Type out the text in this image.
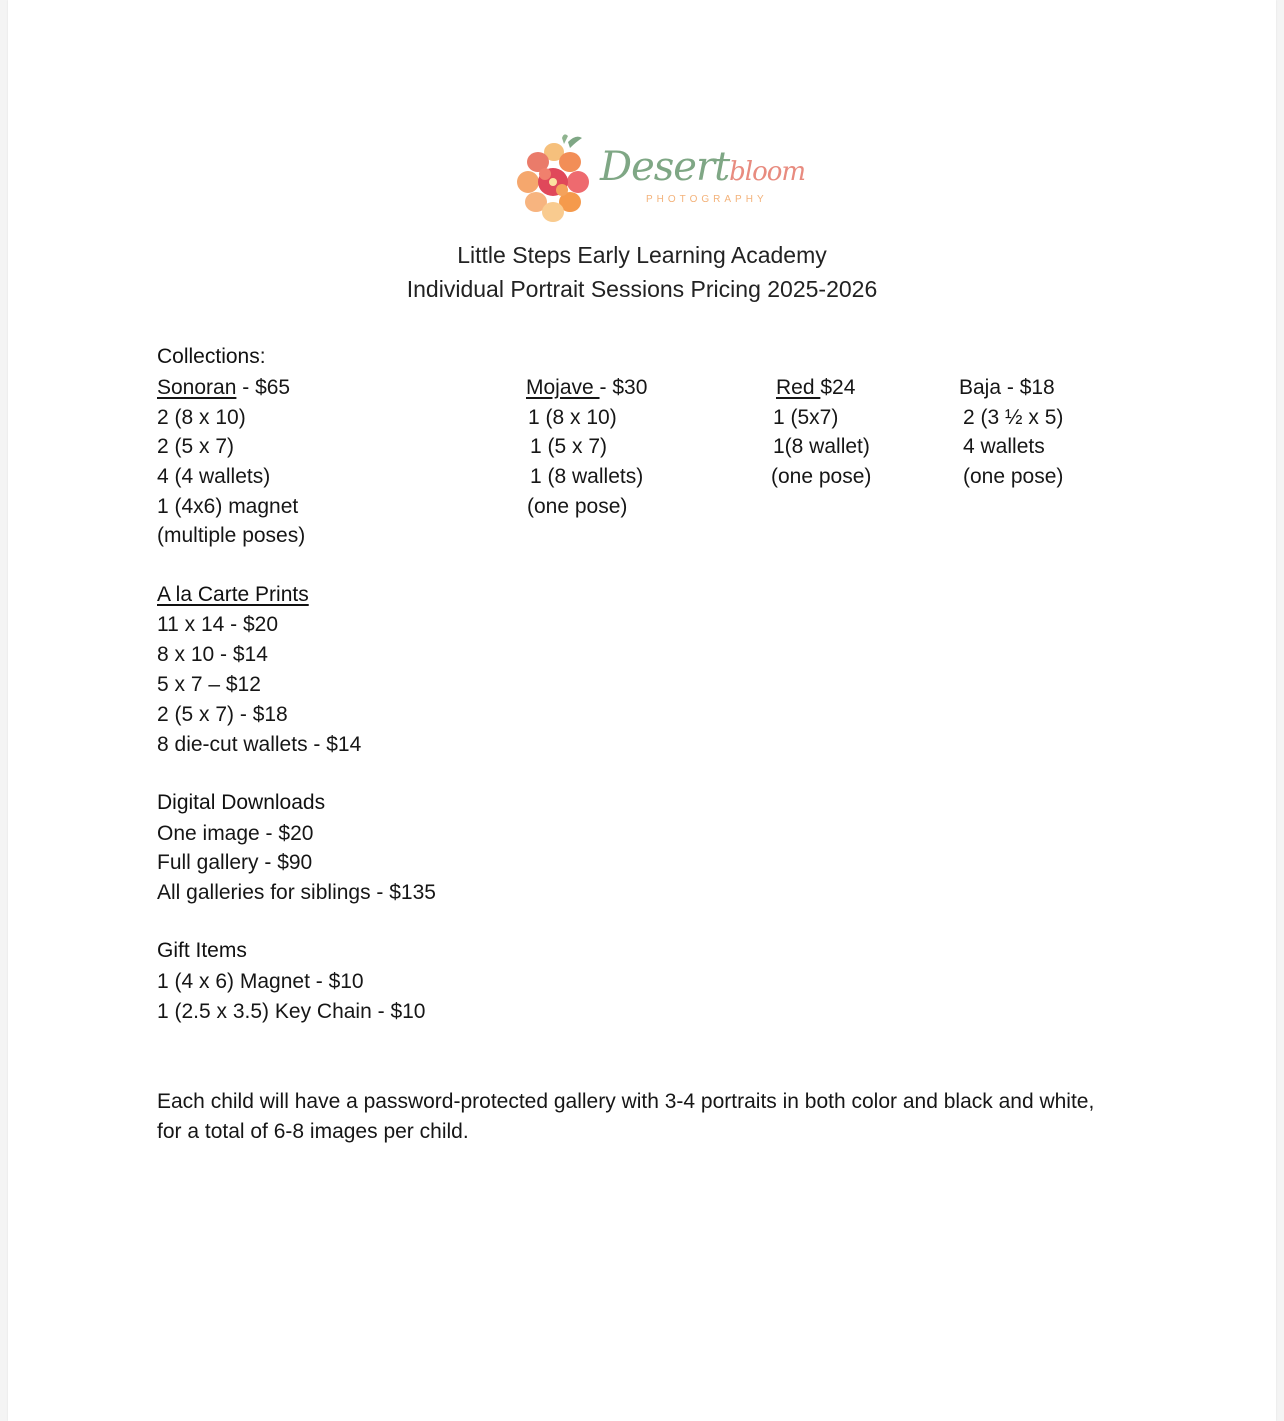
Desertbloom
PHOTOGRAPHY
Little Steps Early Learning Academy
Individual Portrait Sessions Pricing 2025-2026
Collections:
Sonoran - $65
2 (8 x 10)
2 (5 x 7)
4 (4 wallets)
1 (4x6) magnet
(multiple poses)
Mojave - $30
1 (8 x 10)
1 (5 x 7)
1 (8 wallets)
(one pose)
Red $24
1 (5x7)
1(8 wallet)
(one pose)
Baja - $18
2 (3 ½ x 5)
4 wallets
(one pose)
A la Carte Prints
11 x 14 - $20
8 x 10 - $14
5 x 7 – $12
2 (5 x 7) - $18
8 die-cut wallets - $14
Digital Downloads
One image - $20
Full gallery - $90
All galleries for siblings - $135
Gift Items
1 (4 x 6) Magnet - $10
1 (2.5 x 3.5) Key Chain - $10
Each child will have a password-protected gallery with 3-4 portraits in both color and black and white, for a total of 6-8 images per child.
